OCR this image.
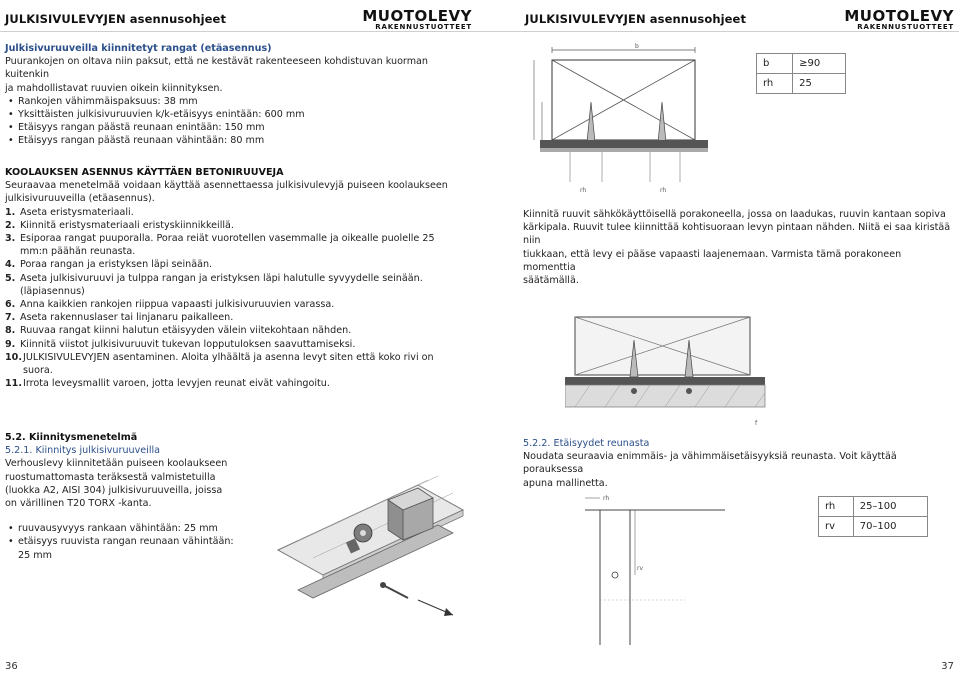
JULKISIVULEVYJEN asennusohjeet	MUOTOLEVY
RAKENNUSTUOTTEET
Julkisivuruuveilla kiinnitetyt rangat (etäasennus)
Puurankojen on oltava niin paksut, että ne kestävät rakenteeseen kohdistuvan kuorman kuitenkin
ja mahdollistavat ruuvien oikein kiinnityksen.
• Rankojen vähimmäispaksuus: 38 mm
• Yksittäisten julkisivuruuvien k/k-etäisyys enintään: 600 mm
• Etäisyys rangan päästä reunaan enintään: 150 mm
• Etäisyys rangan päästä reunaan vähintään: 80 mm
KOOLAUKSEN ASENNUS KÄYTTÄEN BETONIRUUVEJA
Seuraavaa menetelmää voidaan käyttää asennettaessa julkisivulevyjä puiseen koolaukseen
julkisivuruuveilla (etäasennus).
1. Aseta eristysmateriaali.
2. Kiinnitä eristysmateriaali eristyskiinnikkeillä.
3. Esiporaa rangat puuporalla. Poraa reiät vuorotellen vasemmalle ja oikealle puolelle 25
mm:n päähän reunasta.
4. Poraa rangan ja eristyksen läpi seinään.
5. Aseta julkisivuruuvi ja tulppa rangan ja eristyksen läpi halutulle syvyydelle seinään.
(läpiasennus)
6. Anna kaikkien rankojen riippua vapaasti julkisivuruuvien varassa.
7. Aseta rakennuslaser tai linjanaru paikalleen.
8. Ruuvaa rangat kiinni halutun etäisyyden välein viitekohtaan nähden.
9. Kiinnitä viistot julkisivuruuvit tukevan lopputuloksen saavuttamiseksi.
10. JULKISIVULEVYJEN asentaminen. Aloita ylhäältä ja asenna levyt siten että koko rivi on
suora.
11. Irrota leveysmallit varoen, jotta levyjen reunat eivät vahingoitu.
5.2. Kiinnitysmenetelmä
5.2.1. Kiinnitys julkisivuruuveilla
Verhouslevy kiinnitetään puiseen koolaukseen
ruostumattomasta teräksestä valmistetuilla
(luokka A2, AISI 304) julkisivuruuveilla, joissa
on värillinen T20 TORX -kanta.
• ruuvausyvyys rankaan vähintään: 25 mm
• etäisyys ruuvista rangan reunaan vähintään: 25 mm
36
JULKISIVULEVYJEN asennusohjeet	MUOTOLEVY
RAKENNUSTUOTTEET
b
rh	rh
b	≥90
rh	25
Kiinnitä ruuvit sähkökäyttöisellä porakoneella, jossa on laadukas, ruuvin kantaan sopiva
kärkipala. Ruuvit tulee kiinnittää kohtisuoraan levyn pintaan nähden. Niitä ei saa kiristää niin
tiukkaan, että levy ei pääse vapaasti laajenemaan. Varmista tämä porakoneen momenttia
säätämällä.
f
5.2.2. Etäisyydet reunasta
Noudata seuraavia enimmäis- ja vähimmäisetäisyyksiä reunasta. Voit käyttää porauksessa
apuna mallinetta.
rh
rv
rh	25–100
rv	70–100
37
